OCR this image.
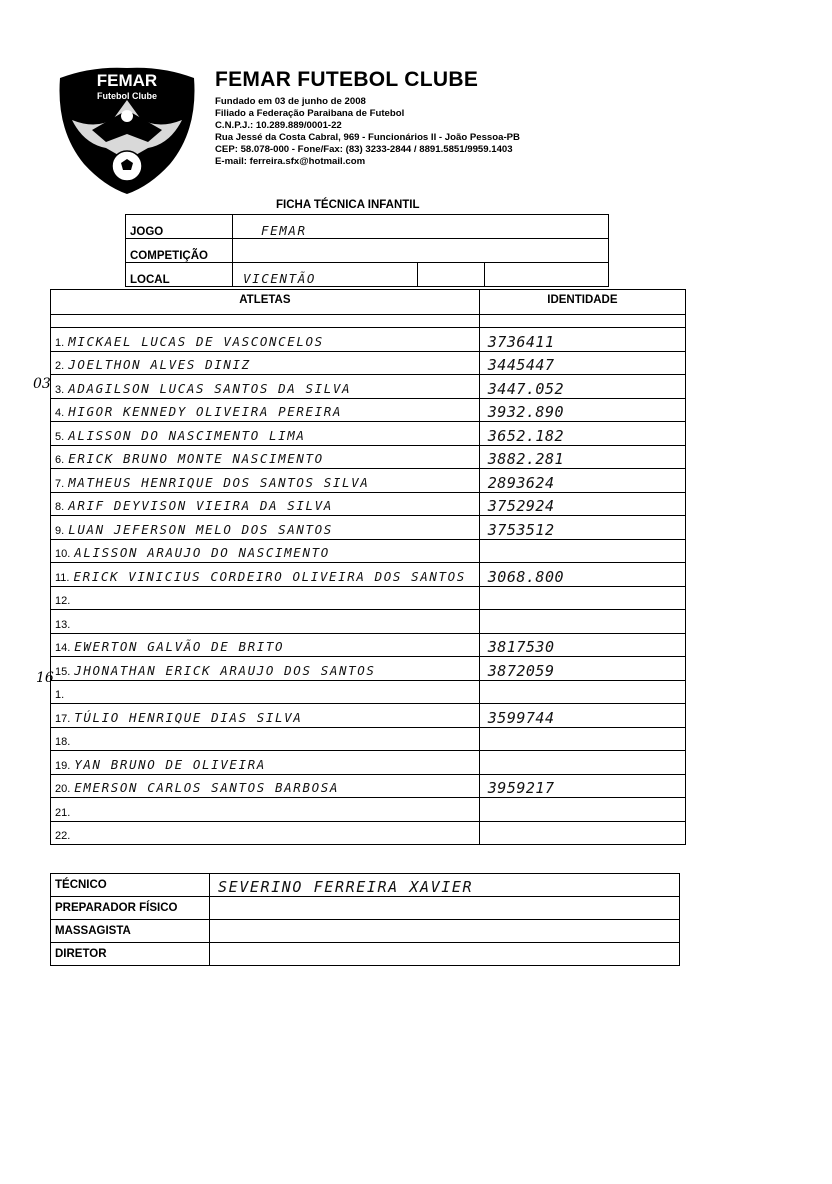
FEMAR
Futebol Clube
FEMAR FUTEBOL CLUBE
Fundado em 03 de junho de 2008
Filiado a Federação Paraibana de Futebol
C.N.P.J.: 10.289.889/0001-22
Rua Jessé da Costa Cabral, 969 - Funcionários II - João Pessoa-PB
CEP: 58.078-000 - Fone/Fax: (83) 3233-2844 / 8891.5851/9959.1403
E-mail: ferreira.sfx@hotmail.com
FICHA TÉCNICA INFANTIL
JOGO	FEMAR		
COMPETIÇÃO			
LOCAL	VICENTÃO		
ATLETAS	IDENTIDADE

1. MICKAEL LUCAS DE VASCONCELOS	3736411
2. JOELTHON ALVES DINIZ	3445447
3. ADAGILSON LUCAS SANTOS DA SILVA	3447.052
4. HIGOR KENNEDY OLIVEIRA PEREIRA	3932.890
5. ALISSON DO NASCIMENTO LIMA	3652.182
6. ERICK BRUNO MONTE NASCIMENTO	3882.281
7. MATHEUS HENRIQUE DOS SANTOS SILVA	2893624
8. ARIF DEYVISON VIEIRA DA SILVA	3752924
9. LUAN JEFERSON MELO DOS SANTOS	3753512
10. ALISSON ARAUJO DO NASCIMENTO	
11. ERICK VINICIUS CORDEIRO OLIVEIRA DOS SANTOS	3068.800
12.	
13.	
14. EWERTON GALVÃO DE BRITO	3817530
15. JHONATHAN ERICK ARAUJO DOS SANTOS	3872059
1.	
17. TÚLIO HENRIQUE DIAS SILVA	3599744
18.	
19. YAN BRUNO DE OLIVEIRA	
20. EMERSON CARLOS SANTOS BARBOSA	3959217
21.	
22.	
03
16
TÉCNICO	SEVERINO FERREIRA XAVIER
PREPARADOR FÍSICO	
MASSAGISTA	
DIRETOR	
